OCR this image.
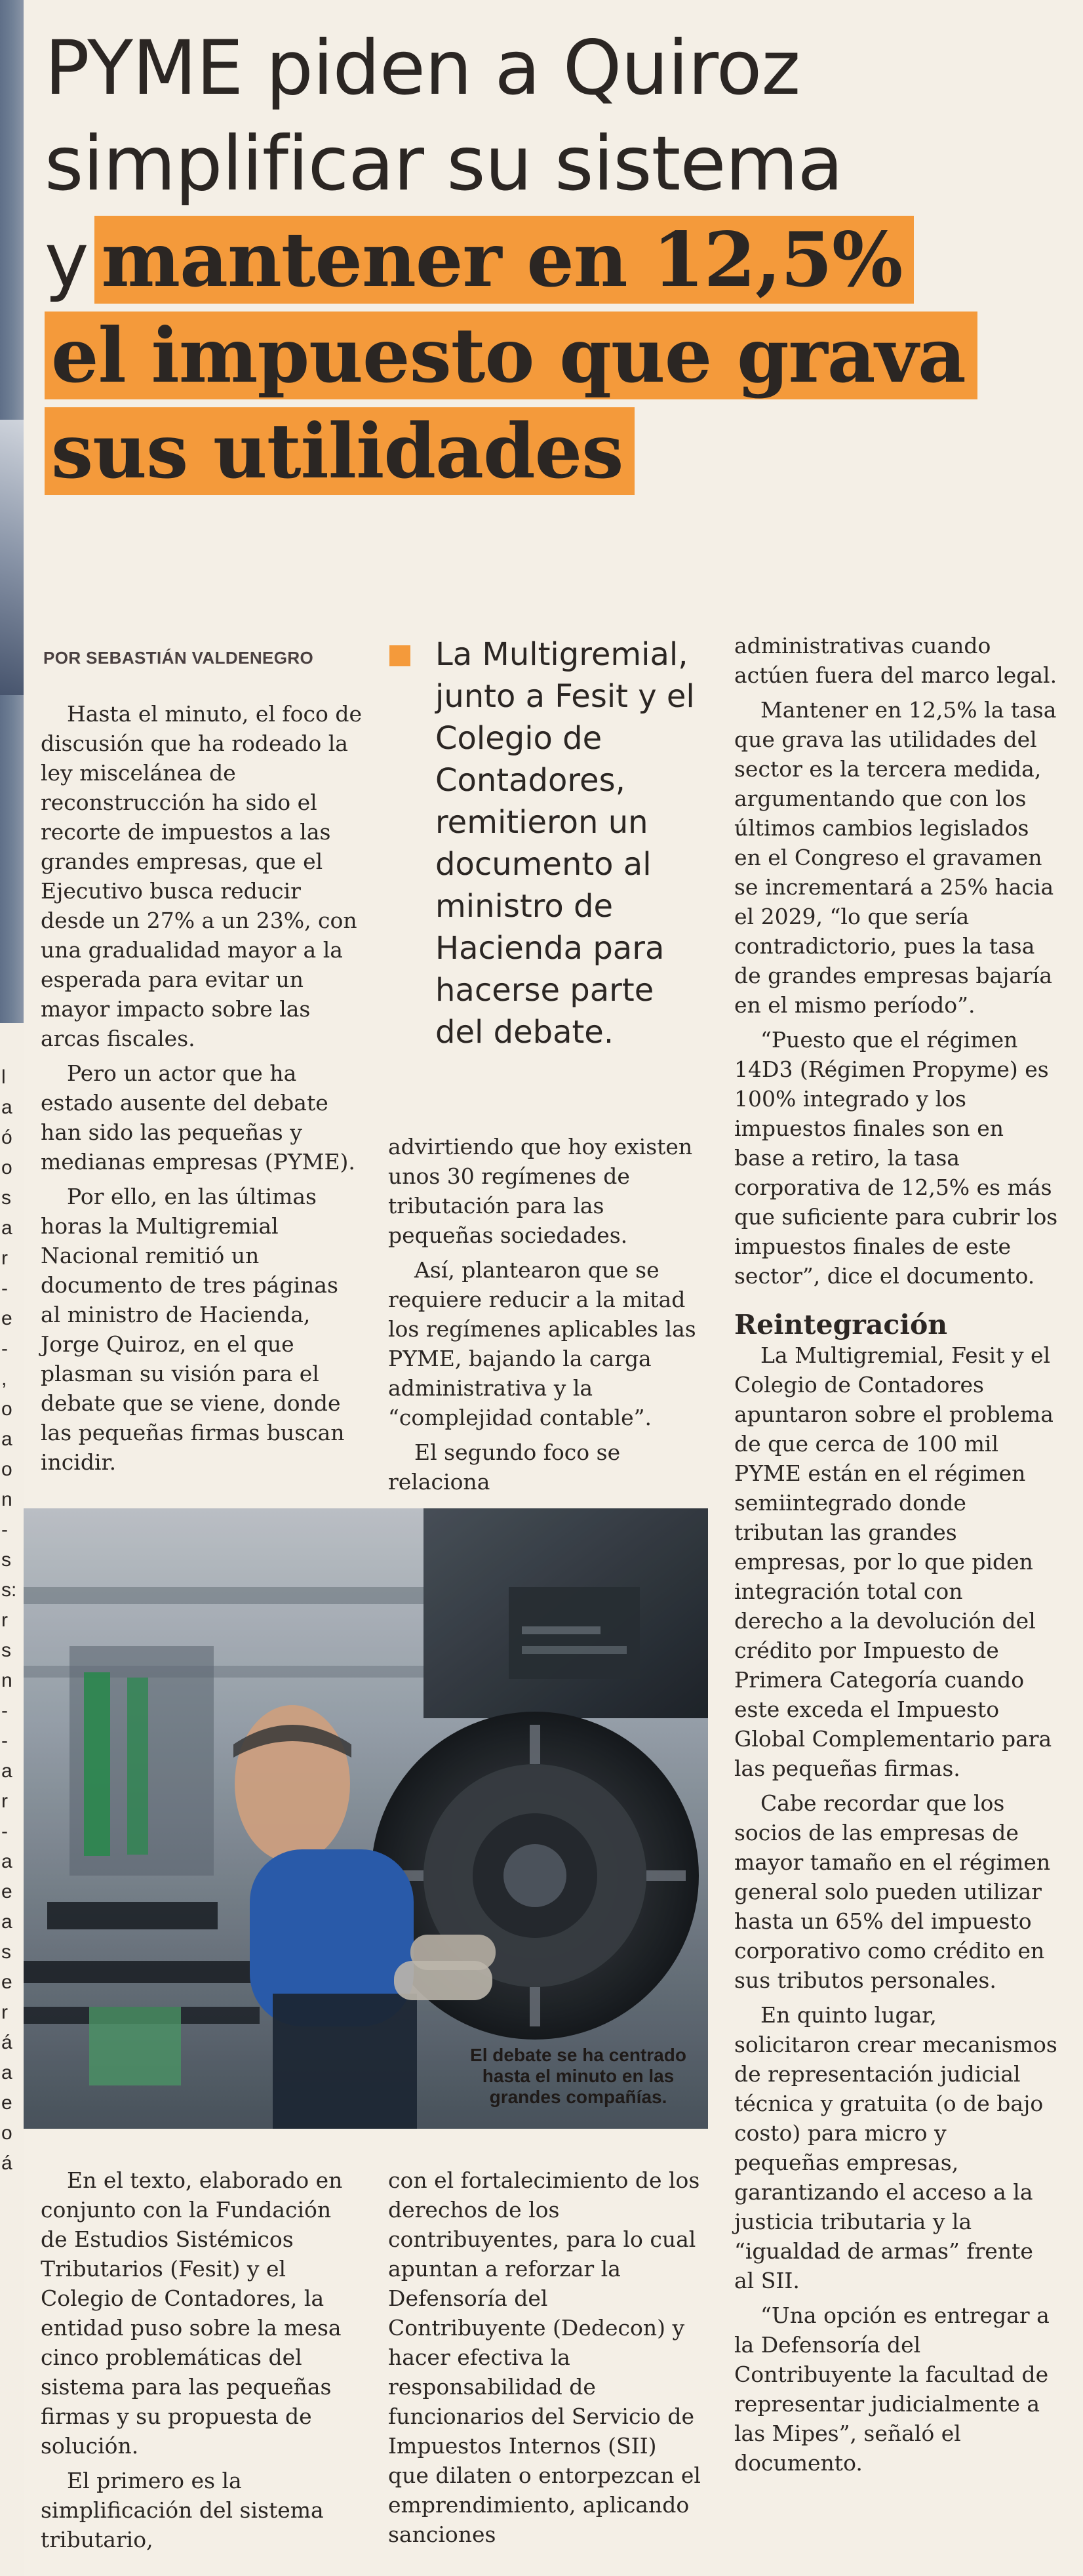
l
a
ó
o
s
a
r
-
e
-
,
o
a
o
n
-
s
s:
r
s
n
-
-
a
r
-
a
e
a
s
e
r
á
a
e
o
á
PYME piden a Quiroz
simplificar su sistema
y mantener en 12,5%
el impuesto que grava
sus utilidades
POR SEBASTIÁN VALDENEGRO	La Multigremial, junto a Fesit y el Colegio de Contadores, remitieron un documento al ministro de Hacienda para hacerse parte del debate.

Hasta el minuto, el foco de discusión que ha rodeado la ley miscelánea de reconstrucción ha sido el recorte de impuestos a las grandes empresas, que el Ejecutivo busca reducir desde un 27% a un 23%, con una gradualidad mayor a la esperada para evitar un mayor impacto sobre las arcas fiscales.

Pero un actor que ha estado ausente del debate han sido las pequeñas y medianas empresas (PYME).

Por ello, en las últimas horas la Multigremial Nacional remitió un documento de tres páginas al ministro de Hacienda, Jorge Quiroz, en el que plasman su visión para el debate que se viene, donde las pequeñas firmas buscan incidir.

advirtiendo que hoy existen unos 30 regímenes de tributación para las pequeñas sociedades.

Así, plantearon que se requiere reducir a la mitad los regímenes aplicables las PYME, bajando la carga administrativa y la “complejidad contable”.

El segundo foco se relaciona

administrativas cuando actúen fuera del marco legal.

Mantener en 12,5% la tasa que grava las utilidades del sector es la tercera medida, argumentando que con los últimos cambios legislados en el Congreso el gravamen se incrementará a 25% hacia el 2029, “lo que sería contradictorio, pues la tasa de grandes empresas bajaría en el mismo período”.

“Puesto que el régimen 14D3 (Régimen Propyme) es 100% integrado y los impuestos finales son en base a retiro, la tasa corporativa de 12,5% es más que suficiente para cubrir los impuestos finales de este sector”, dice el documento.

Reintegración

La Multigremial, Fesit y el Colegio de Contadores apuntaron sobre el problema de que cerca de 100 mil PYME están en el régimen semiintegrado donde tributan las grandes empresas, por lo que piden integración total con derecho a la devolución del crédito por Impuesto de Primera Categoría cuando este exceda el Impuesto Global Complementario para las pequeñas firmas.

Cabe recordar que los socios de las empresas de mayor tamaño en el régimen general solo pueden utilizar hasta un 65% del impuesto corporativo como crédito en sus tributos personales.

En quinto lugar, solicitaron crear mecanismos de representación judicial técnica y gratuita (o de bajo costo) para micro y pequeñas empresas, garantizando el acceso a la justicia tributaria y la “igualdad de armas” frente al SII.

“Una opción es entregar a la Defensoría del Contribuyente la facultad de representar judicialmente a las Mipes”, señaló el documento.

El debate se ha centrado hasta el minuto en las grandes compañías.

En el texto, elaborado en conjunto con la Fundación de Estudios Sistémicos Tributarios (Fesit) y el Colegio de Contadores, la entidad puso sobre la mesa cinco problemáticas del sistema para las pequeñas firmas y su propuesta de solución.

El primero es la simplificación del sistema tributario,

con el fortalecimiento de los derechos de los contribuyentes, para lo cual apuntan a reforzar la Defensoría del Contribuyente (Dedecon) y hacer efectiva la responsabilidad de funcionarios del Servicio de Impuestos Internos (SII) que dilaten o entorpezcan el emprendimiento, aplicando sanciones
